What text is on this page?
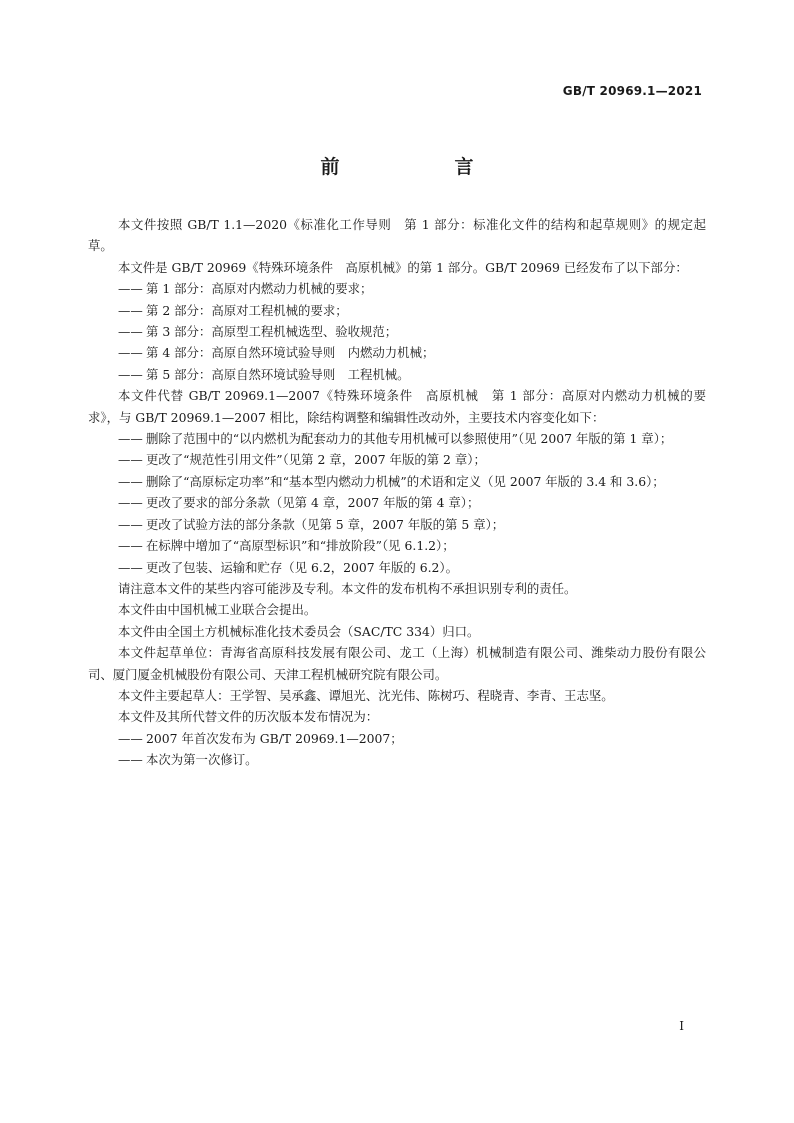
GB/T 20969.1—2021
前　言

本文件按照 GB/T 1.1—2020《标准化工作导则　第 1 部分：标准化文件的结构和起草规则》的规定起草。

本文件是 GB/T 20969《特殊环境条件　高原机械》的第 1 部分。GB/T 20969 已经发布了以下部分：

—— 第 1 部分：高原对内燃动力机械的要求；

—— 第 2 部分：高原对工程机械的要求；

—— 第 3 部分：高原型工程机械选型、验收规范；

—— 第 4 部分：高原自然环境试验导则　内燃动力机械；

—— 第 5 部分：高原自然环境试验导则　工程机械。

本文件代替 GB/T 20969.1—2007《特殊环境条件　高原机械　第 1 部分：高原对内燃动力机械的要求》，与 GB/T 20969.1—2007 相比，除结构调整和编辑性改动外，主要技术内容变化如下：

—— 删除了范围中的“以内燃机为配套动力的其他专用机械可以参照使用”（见 2007 年版的第 1 章）；

—— 更改了“规范性引用文件”（见第 2 章，2007 年版的第 2 章）；

—— 删除了“高原标定功率”和“基本型内燃动力机械”的术语和定义（见 2007 年版的 3.4 和 3.6）；

—— 更改了要求的部分条款（见第 4 章，2007 年版的第 4 章）；

—— 更改了试验方法的部分条款（见第 5 章，2007 年版的第 5 章）；

—— 在标牌中增加了“高原型标识”和“排放阶段”（见 6.1.2）；

—— 更改了包装、运输和贮存（见 6.2，2007 年版的 6.2）。

请注意本文件的某些内容可能涉及专利。本文件的发布机构不承担识别专利的责任。

本文件由中国机械工业联合会提出。

本文件由全国土方机械标准化技术委员会（SAC/TC 334）归口。

本文件起草单位：青海省高原科技发展有限公司、龙工（上海）机械制造有限公司、潍柴动力股份有限公司、厦门厦金机械股份有限公司、天津工程机械研究院有限公司。

本文件主要起草人：王学智、吴承鑫、谭旭光、沈光伟、陈树巧、程晓青、李青、王志坚。

本文件及其所代替文件的历次版本发布情况为：

—— 2007 年首次发布为 GB/T 20969.1—2007；

—— 本次为第一次修订。

I
